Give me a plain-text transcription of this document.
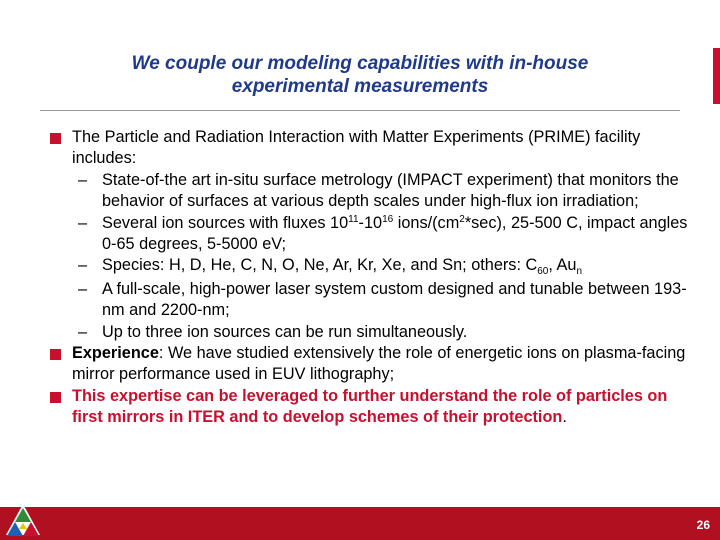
We couple our modeling capabilities with in-house
experimental measurements
The Particle and Radiation Interaction with Matter Experiments (PRIME) facility includes:
– State-of-the art in-situ surface metrology (IMPACT experiment) that monitors the behavior of surfaces at various depth scales under high-flux ion irradiation;
– Several ion sources with fluxes $10^{11}-10^{16}$ ions/$(cm^2*\sec)$, 25-500 C, impact angles 0-65 degrees, 5-5000 eV;
– Species: H, D, He, C, N, O, Ne, Ar, Kr, Xe, and Sn; others: $C_{60}$, $Au_n$
– A full-scale, high-power laser system custom designed and tunable between 193-nm and 2200-nm;
– Up to three ion sources can be run simultaneously.
Experience: We have studied extensively the role of energetic ions on plasma-facing mirror performance used in EUV lithography;
This expertise can be leveraged to further understand the role of particles on first mirrors in ITER and to develop schemes of their protection.
26
